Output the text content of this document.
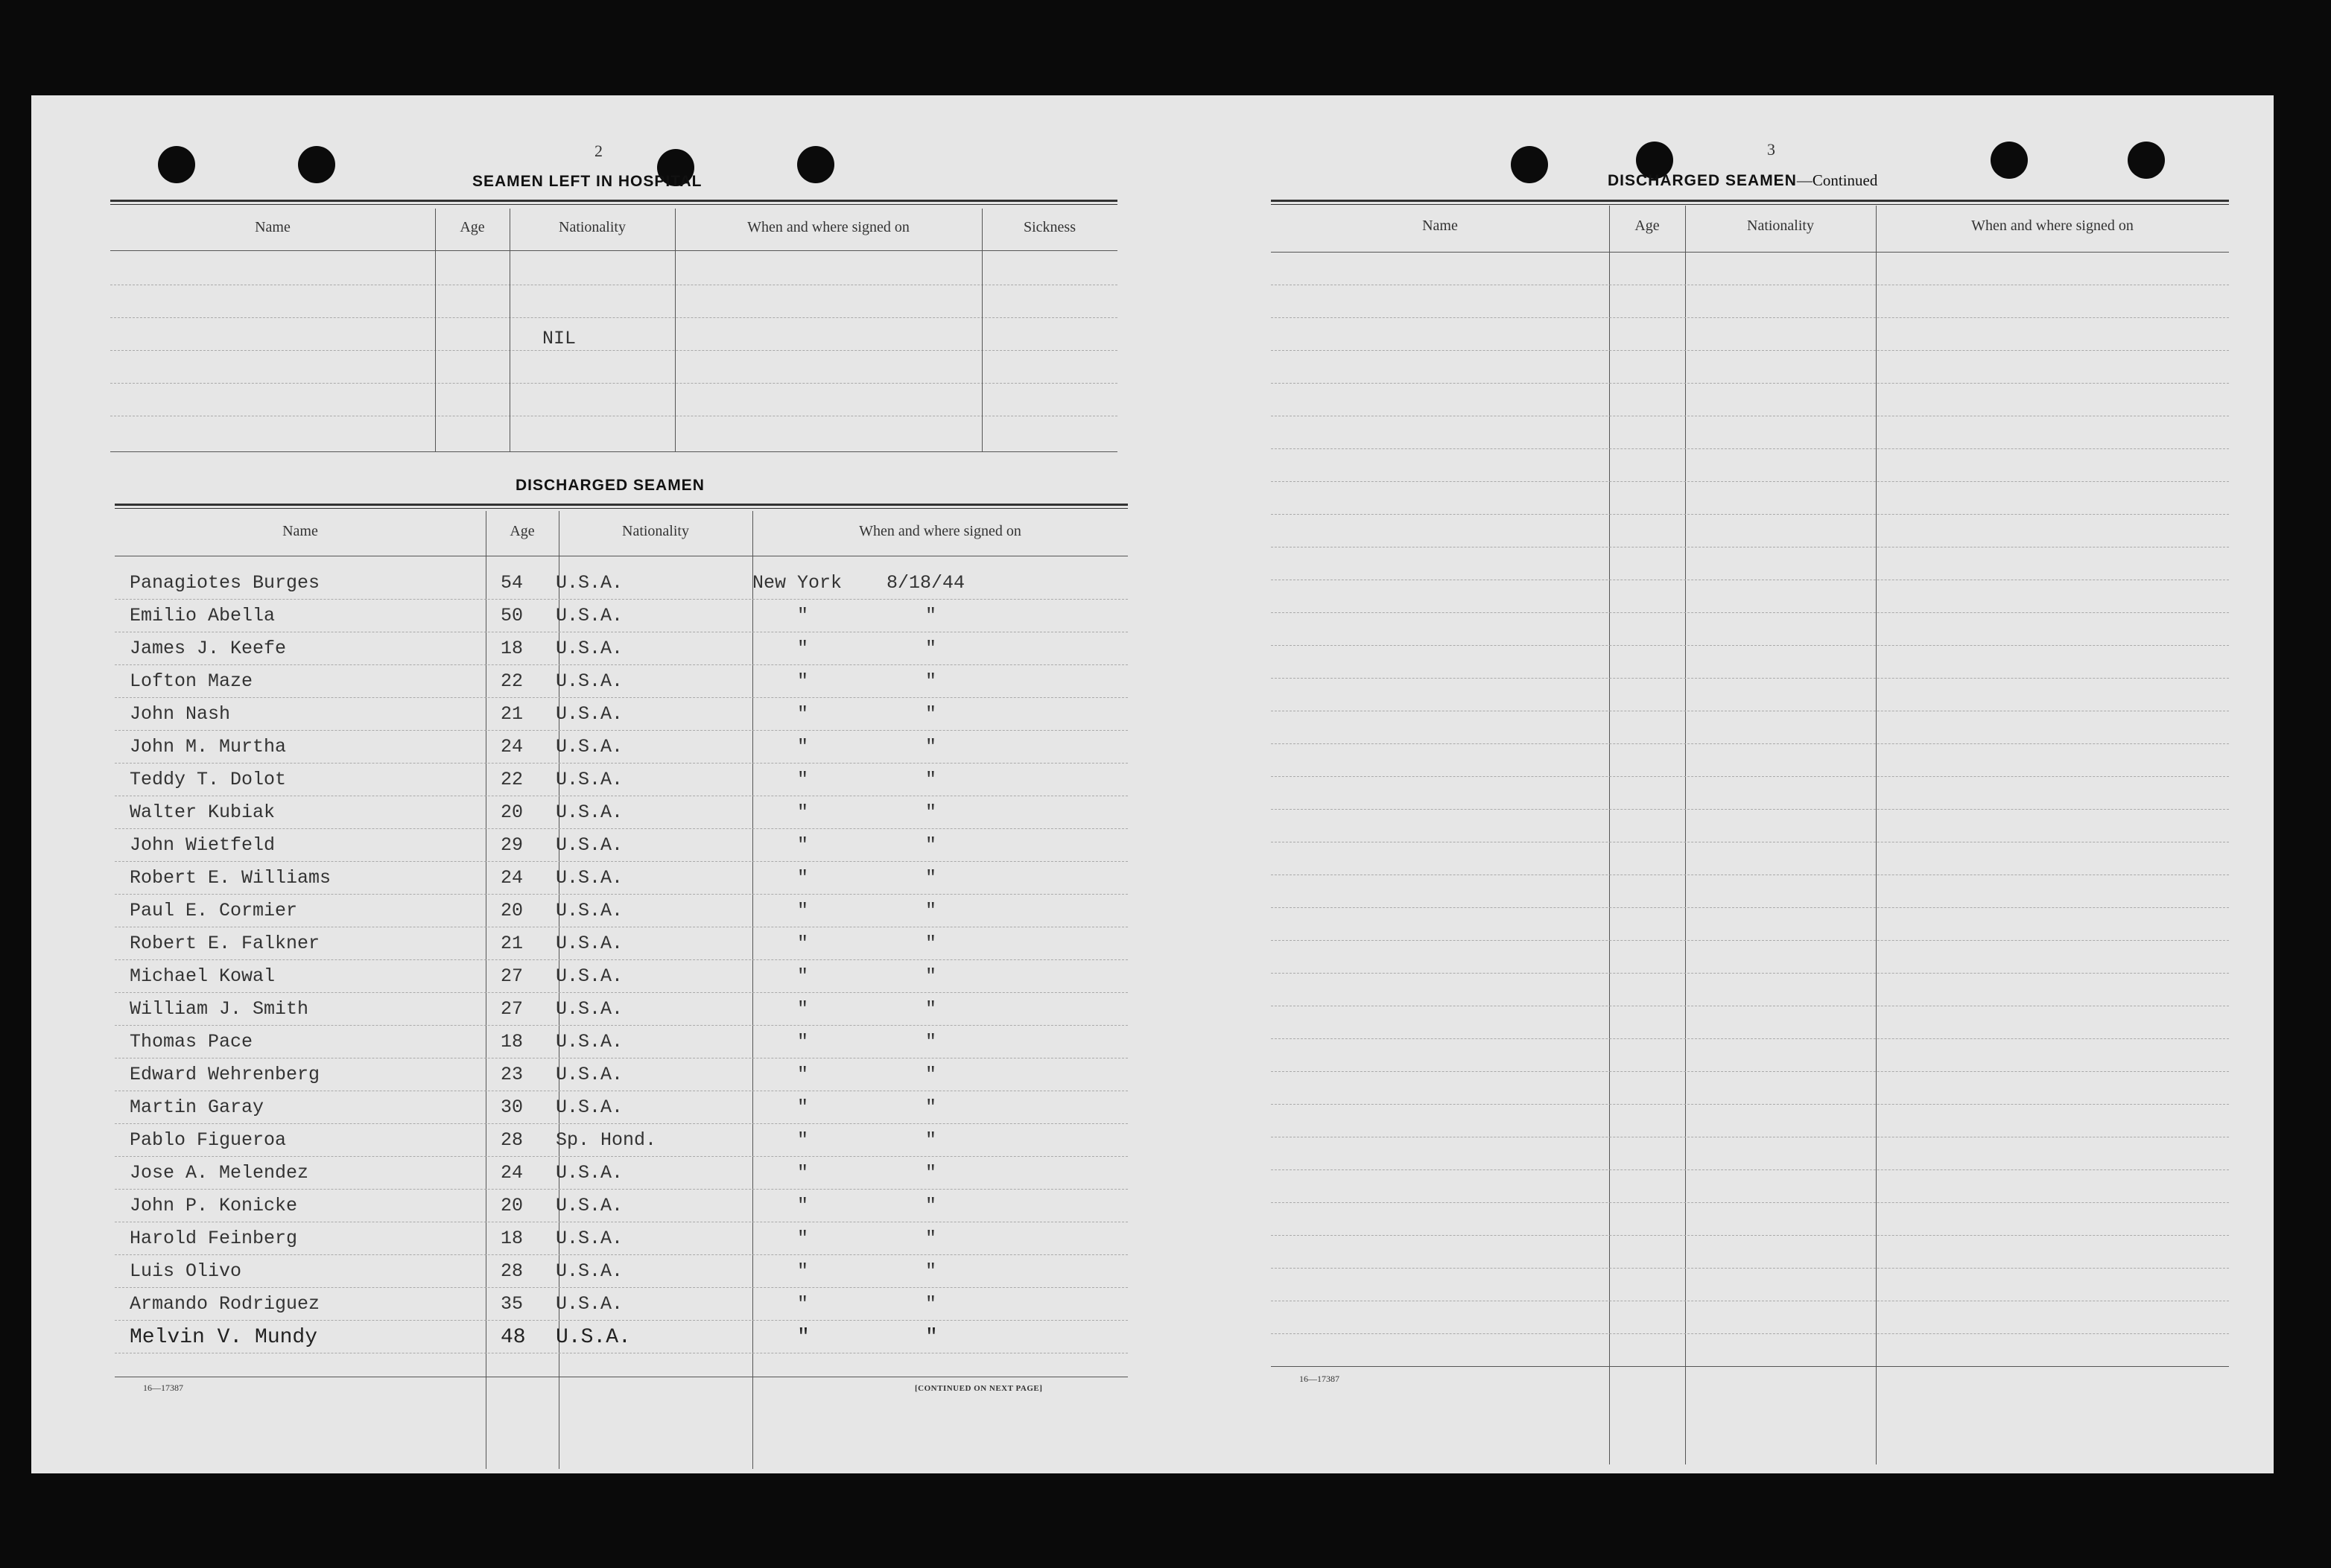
2
SEAMEN LEFT IN HOSPITAL
Name	Age	Nationality	When and where signed on	Sickness
NIL
DISCHARGED SEAMEN
Name	Age	Nationality	When and where signed on
Panagiotes Burges	54 U.S.A.	New York 8/18/44
Emilio Abella	50 U.S.A.	"	"
James J. Keefe	18 U.S.A.	"	"
Lofton Maze	22 U.S.A.	"	"
John Nash	21 U.S.A.	"	"
John M. Murtha	24 U.S.A.	"	"
Teddy T. Dolot	22 U.S.A.	"	"
Walter Kubiak	20 U.S.A.	"	"
John Wietfeld	29 U.S.A.	"	"
Robert E. Williams	24 U.S.A.	"	"
Paul E. Cormier	20 U.S.A.	"	"
Robert E. Falkner	21 U.S.A.	"	"
Michael Kowal	27 U.S.A.	"	"
William J. Smith	27 U.S.A.	"	"
Thomas Pace	18 U.S.A.	"	"
Edward Wehrenberg	23 U.S.A.	"	"
Martin Garay	30 U.S.A.	"	"
Pablo Figueroa	28 Sp. Hond.	"	"
Jose A. Melendez	24 U.S.A.	"	"
John P. Konicke	20 U.S.A.	"	"
Harold Feinberg	18 U.S.A.	"	"
Luis Olivo	28 U.S.A.	"	"
Armando Rodriguez	35 U.S.A.	"	"
Melvin V. Mundy	48 U.S.A.	"	"
16—17387	[CONTINUED ON NEXT PAGE]
3
DISCHARGED SEAMEN—Continued
Name	Age	Nationality	When and where signed on
16—17387
